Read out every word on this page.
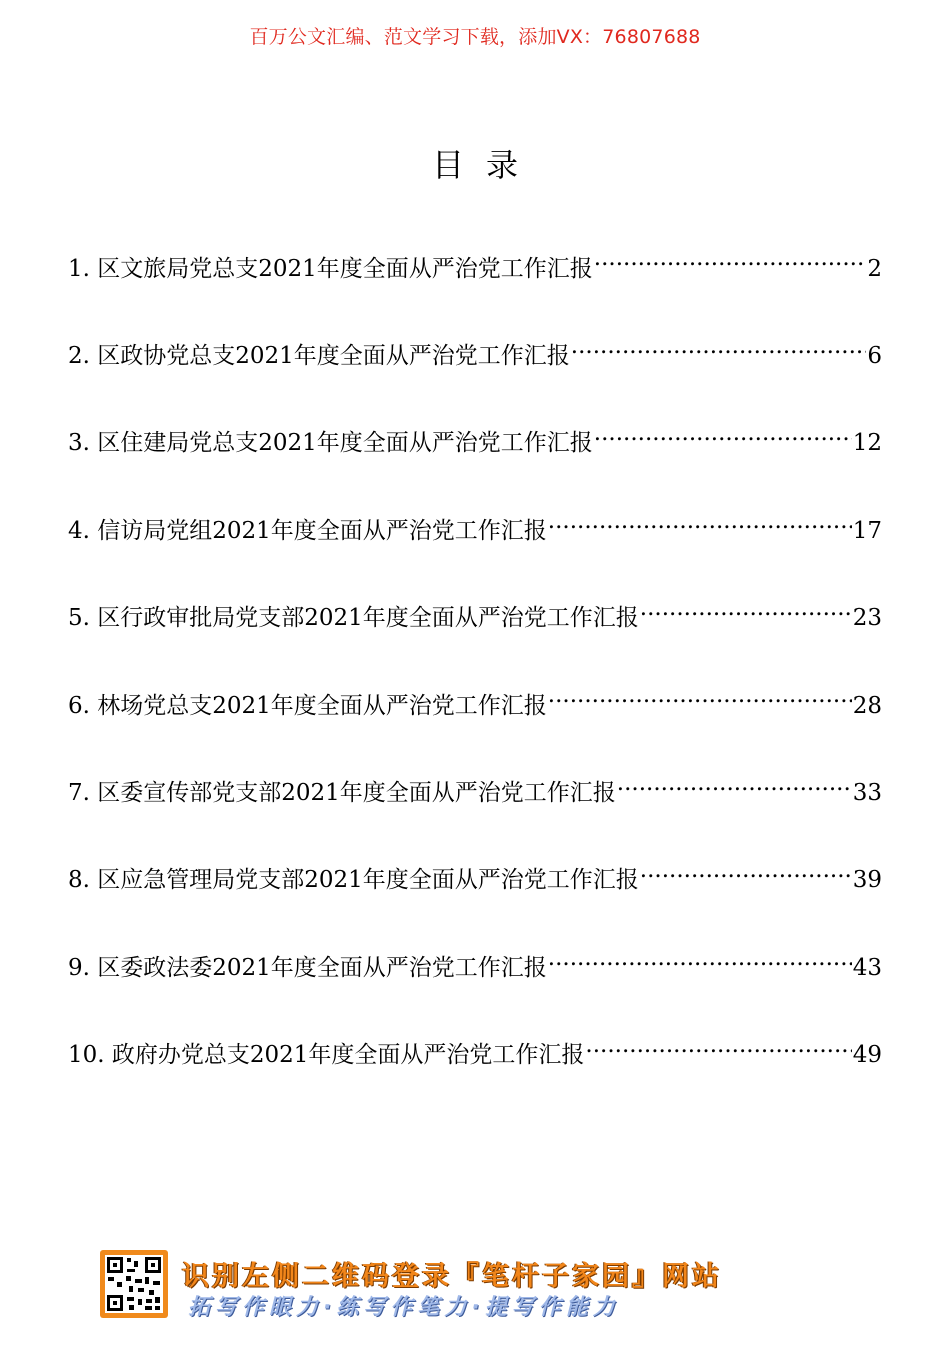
百万公文汇编、范文学习下载，添加VX：76807688
目录
1. 区文旅局党总支2021年度全面从严治党工作汇报 .....	2
2. 区政协党总支2021年度全面从严治党工作汇报 .....	6
3. 区住建局党总支2021年度全面从严治党工作汇报 .....	12
4. 信访局党组2021年度全面从严治党工作汇报 .....	17
5. 区行政审批局党支部2021年度全面从严治党工作汇报 .....	23
6. 林场党总支2021年度全面从严治党工作汇报 .....	28
7. 区委宣传部党支部2021年度全面从严治党工作汇报 .....	33
8. 区应急管理局党支部2021年度全面从严治党工作汇报 .....	39
9. 区委政法委2021年度全面从严治党工作汇报 .....	43
10. 政府办党总支2021年度全面从严治党工作汇报 .....	49
识别左侧二维码登录『笔杆子家园』网站
拓写作眼力·练写作笔力·提写作能力
